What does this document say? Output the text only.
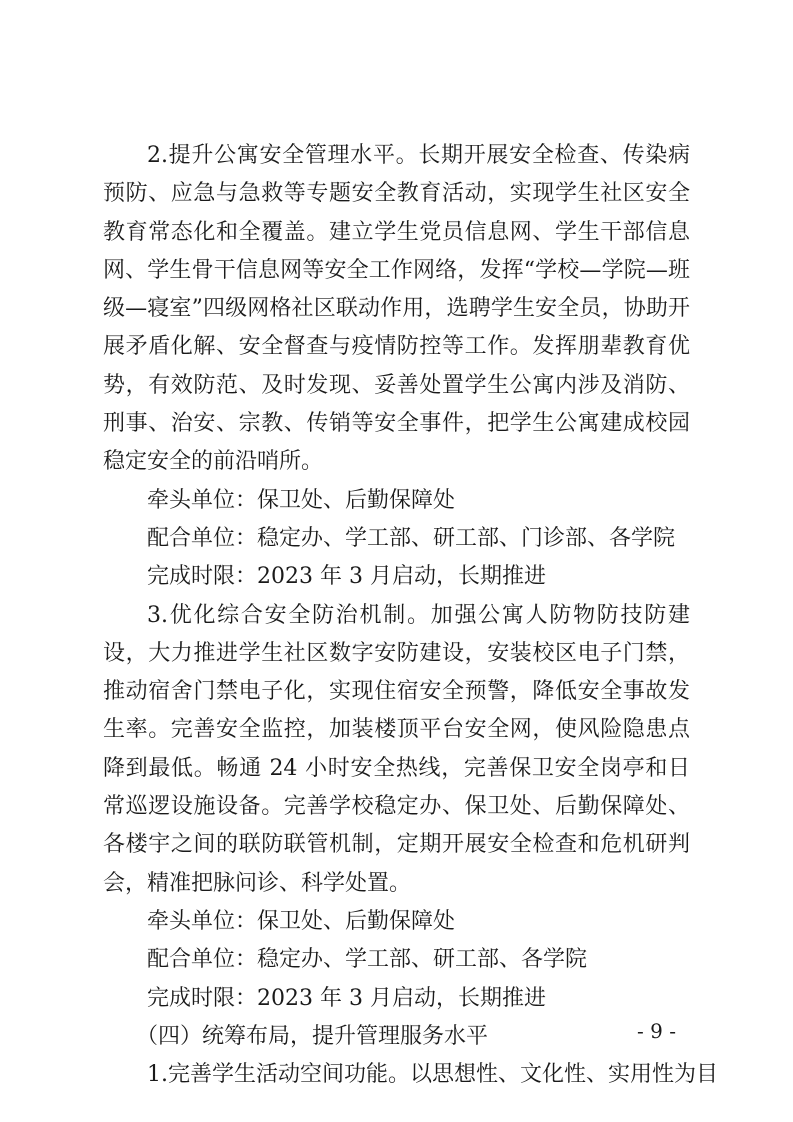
2.提升公寓安全管理水平。长期开展安全检查、传染病预防、应急与急救等专题安全教育活动，实现学生社区安全教育常态化和全覆盖。建立学生党员信息网、学生干部信息网、学生骨干信息网等安全工作网络，发挥“学校—学院—班级—寝室”四级网格社区联动作用，选聘学生安全员，协助开展矛盾化解、安全督查与疫情防控等工作。发挥朋辈教育优势，有效防范、及时发现、妥善处置学生公寓内涉及消防、刑事、治安、宗教、传销等安全事件，把学生公寓建成校园稳定安全的前沿哨所。

牵头单位：保卫处、后勤保障处

配合单位：稳定办、学工部、研工部、门诊部、各学院

完成时限：2023 年 3 月启动，长期推进

3.优化综合安全防治机制。加强公寓人防物防技防建设，大力推进学生社区数字安防建设，安装校区电子门禁，推动宿舍门禁电子化，实现住宿安全预警，降低安全事故发生率。完善安全监控，加装楼顶平台安全网，使风险隐患点降到最低。畅通 24 小时安全热线，完善保卫安全岗亭和日常巡逻设施设备。完善学校稳定办、保卫处、后勤保障处、各楼宇之间的联防联管机制，定期开展安全检查和危机研判会，精准把脉问诊、科学处置。

牵头单位：保卫处、后勤保障处

配合单位：稳定办、学工部、研工部、各学院

完成时限：2023 年 3 月启动，长期推进

（四）统筹布局，提升管理服务水平

1.完善学生活动空间功能。以思想性、文化性、实用性为目

- 9 -
